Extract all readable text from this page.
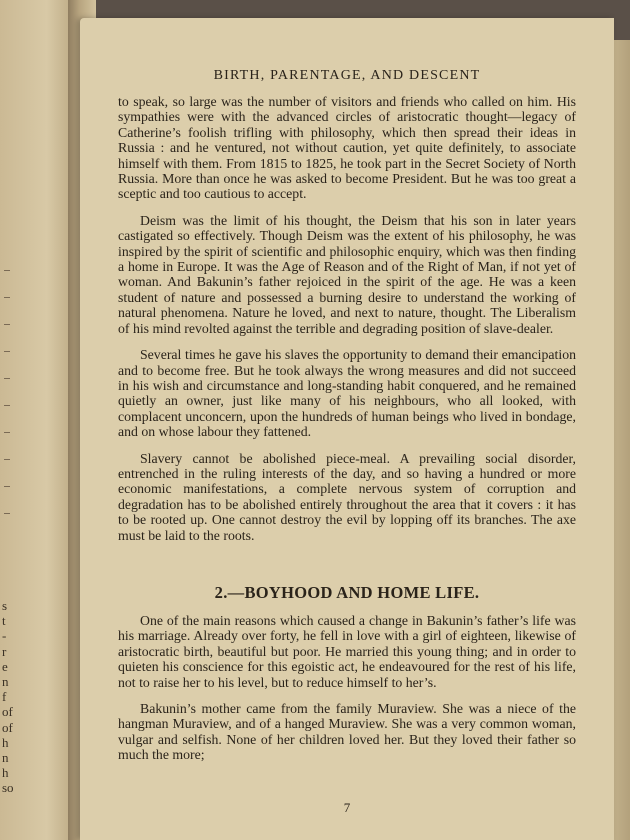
s
t
-
r
e
n
f
of
of
h
n
h
so
BIRTH, PARENTAGE, AND DESCENT

to speak, so large was the number of visitors and friends who called on him. His sympathies were with the advanced circles of aristocratic thought—legacy of Catherine’s foolish trifling with philosophy, which then spread their ideas in Russia : and he ventured, not without caution, yet quite definitely, to associate himself with them. From 1815 to 1825, he took part in the Secret Society of North Russia. More than once he was asked to become President. But he was too great a sceptic and too cautious to accept.

Deism was the limit of his thought, the Deism that his son in later years castigated so effectively. Though Deism was the extent of his philosophy, he was inspired by the spirit of scientific and philosophic enquiry, which was then finding a home in Europe. It was the Age of Reason and of the Right of Man, if not yet of woman. And Bakunin’s father rejoiced in the spirit of the age. He was a keen student of nature and possessed a burning desire to understand the working of natural phenomena. Nature he loved, and next to nature, thought. The Liberalism of his mind revolted against the terrible and degrading position of slave-dealer.

Several times he gave his slaves the opportunity to demand their emancipation and to become free. But he took always the wrong measures and did not succeed in his wish and circumstance and long-standing habit conquered, and he remained quietly an owner, just like many of his neighbours, who all looked, with complacent unconcern, upon the hundreds of human beings who lived in bondage, and on whose labour they fattened.

Slavery cannot be abolished piece-meal. A prevailing social disorder, entrenched in the ruling interests of the day, and so having a hundred or more economic manifestations, a complete nervous system of corruption and degradation has to be abolished entirely throughout the area that it covers : it has to be rooted up. One cannot destroy the evil by lopping off its branches. The axe must be laid to the roots.

2.—BOYHOOD AND HOME LIFE.

One of the main reasons which caused a change in Bakunin’s father’s life was his marriage. Already over forty, he fell in love with a girl of eighteen, likewise of aristocratic birth, beautiful but poor. He married this young thing; and in order to quieten his conscience for this egoistic act, he endeavoured for the rest of his life, not to raise her to his level, but to reduce himself to her’s.

Bakunin’s mother came from the family Muraview. She was a niece of the hangman Muraview, and of a hanged Muraview. She was a very common woman, vulgar and selfish. None of her children loved her. But they loved their father so much the more;

7
